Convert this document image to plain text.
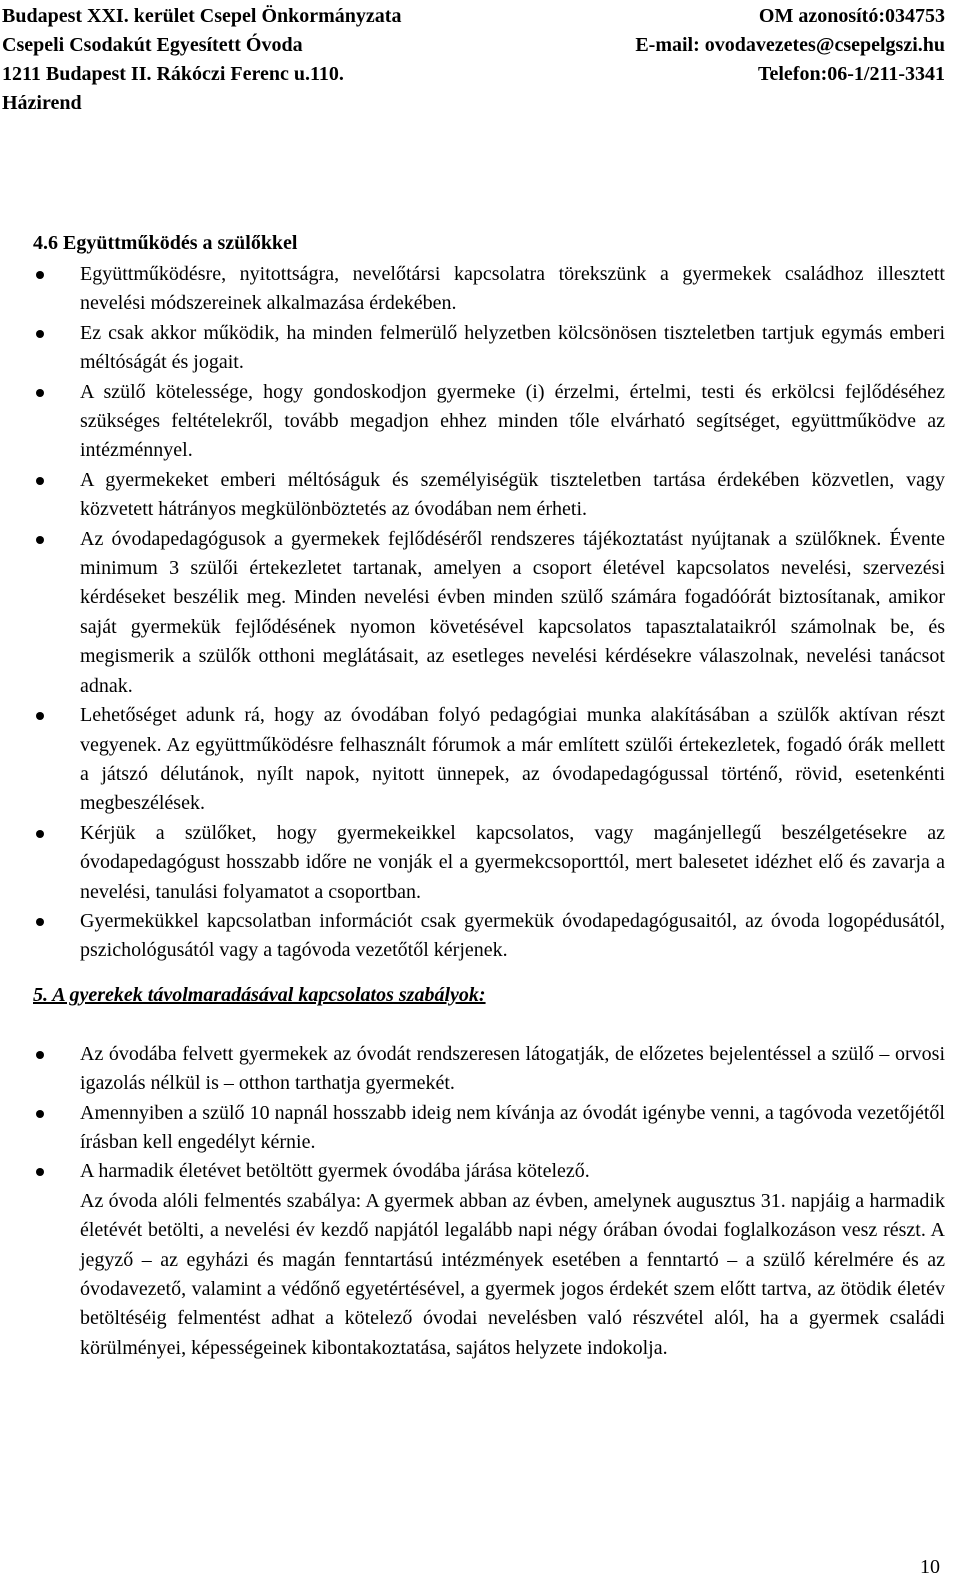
Budapest XXI. kerület Csepel Önkormányzata	OM azonosító:034753
Csepeli Csodakút Egyesített Óvoda	E-mail: ovodavezetes@csepelgszi.hu
1211 Budapest II. Rákóczi Ferenc u.110.	Telefon:06-1/211-3341
Házirend
4.6 Együttműködés a szülőkkel
Együttműködésre, nyitottságra, nevelőtársi kapcsolatra törekszünk a gyermekek családhoz illesztett nevelési módszereinek alkalmazása érdekében.
Ez csak akkor működik, ha minden felmerülő helyzetben kölcsönösen tiszteletben tartjuk egymás emberi méltóságát és jogait.
A szülő kötelessége, hogy gondoskodjon gyermeke (i) érzelmi, értelmi, testi és erkölcsi fejlődéséhez szükséges feltételekről, tovább megadjon ehhez minden tőle elvárható segítséget, együttműködve az intézménnyel.
A gyermekeket emberi méltóságuk és személyiségük tiszteletben tartása érdekében közvetlen, vagy közvetett hátrányos megkülönböztetés az óvodában nem érheti.
Az óvodapedagógusok a gyermekek fejlődéséről rendszeres tájékoztatást nyújtanak a szülőknek. Évente minimum 3 szülői értekezletet tartanak, amelyen a csoport életével kapcsolatos nevelési, szervezési kérdéseket beszélik meg. Minden nevelési évben minden szülő számára fogadóórát biztosítanak, amikor saját gyermekük fejlődésének nyomon követésével kapcsolatos tapasztalataikról számolnak be, és megismerik a szülők otthoni meglátásait, az esetleges nevelési kérdésekre válaszolnak, nevelési tanácsot adnak.
Lehetőséget adunk rá, hogy az óvodában folyó pedagógiai munka alakításában a szülők aktívan részt vegyenek. Az együttműködésre felhasznált fórumok a már említett szülői értekezletek, fogadó órák mellett a játszó délutánok, nyílt napok, nyitott ünnepek, az óvodapedagógussal történő, rövid, esetenkénti megbeszélések.
Kérjük a szülőket, hogy gyermekeikkel kapcsolatos, vagy magánjellegű beszélgetésekre az óvodapedagógust hosszabb időre ne vonják el a gyermekcsoporttól, mert balesetet idézhet elő és zavarja a nevelési, tanulási folyamatot a csoportban.
Gyermekükkel kapcsolatban információt csak gyermekük óvodapedagógusaitól, az óvoda logopédusától, pszichológusától vagy a tagóvoda vezetőtől kérjenek.
5. A gyerekek távolmaradásával kapcsolatos szabályok:
Az óvodába felvett gyermekek az óvodát rendszeresen látogatják, de előzetes bejelentéssel a szülő – orvosi igazolás nélkül is – otthon tarthatja gyermekét.
Amennyiben a szülő 10 napnál hosszabb ideig nem kívánja az óvodát igénybe venni, a tagóvoda vezetőjétől írásban kell engedélyt kérnie.

A harmadik életévet betöltött gyermek óvodába járása kötelező.

Az óvoda alóli felmentés szabálya: A gyermek abban az évben, amelynek augusztus 31. napjáig a harmadik életévét betölti, a nevelési év kezdő napjától legalább napi négy órában óvodai foglalkozáson vesz részt. A jegyző – az egyházi és magán fenntartású intézmények esetében a fenntartó – a szülő kérelmére és az óvodavezető, valamint a védőnő egyetértésével, a gyermek jogos érdekét szem előtt tartva, az ötödik életév betöltéséig felmentést adhat a kötelező óvodai nevelésben való részvétel alól, ha a gyermek családi körülményei, képességeinek kibontakoztatása, sajátos helyzete indokolja.

10
